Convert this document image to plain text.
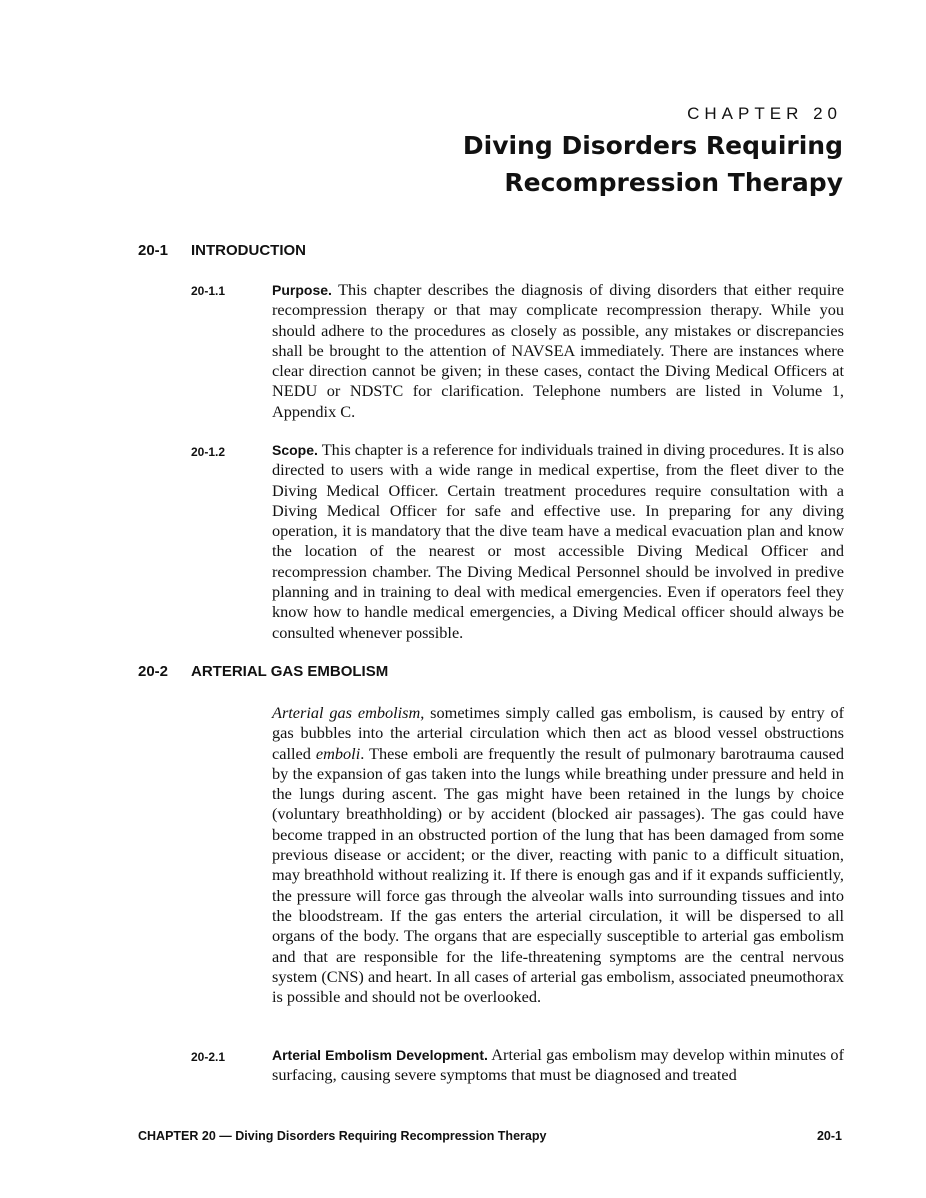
CHAPTER 20
Diving Disorders Requiring
Recompression Therapy
20-1 INTRODUCTION
20-1.1	Purpose. This chapter describes the diagnosis of diving disorders that either require recompression therapy or that may complicate recompression therapy. While you should adhere to the procedures as closely as possible, any mistakes or discrepancies shall be brought to the attention of NAVSEA immediately. There are instances where clear direction cannot be given; in these cases, contact the Diving Medical Officers at NEDU or NDSTC for clarification. Telephone numbers are listed in Volume 1, Appendix C.
20-1.2	Scope. This chapter is a reference for individuals trained in diving procedures. It is also directed to users with a wide range in medical expertise, from the fleet diver to the Diving Medical Officer. Certain treatment procedures require consultation with a Diving Medical Officer for safe and effective use. In preparing for any diving operation, it is mandatory that the dive team have a medical evacuation plan and know the location of the nearest or most accessible Diving Medical Officer and recompression chamber. The Diving Medical Personnel should be involved in predive planning and in training to deal with medical emergencies. Even if operators feel they know how to handle medical emergencies, a Diving Medical officer should always be consulted whenever possible.
20-2 ARTERIAL GAS EMBOLISM
Arterial gas embolism, sometimes simply called gas embolism, is caused by entry of gas bubbles into the arterial circulation which then act as blood vessel obstructions called emboli. These emboli are frequently the result of pulmonary barotrauma caused by the expansion of gas taken into the lungs while breathing under pressure and held in the lungs during ascent. The gas might have been retained in the lungs by choice (voluntary breathholding) or by accident (blocked air passages). The gas could have become trapped in an obstructed portion of the lung that has been damaged from some previous disease or accident; or the diver, reacting with panic to a difficult situation, may breathhold without realizing it. If there is enough gas and if it expands sufficiently, the pressure will force gas through the alveolar walls into surrounding tissues and into the bloodstream. If the gas enters the arterial circulation, it will be dispersed to all organs of the body. The organs that are especially susceptible to arterial gas embolism and that are responsible for the life-threatening symptoms are the central nervous system (CNS) and heart. In all cases of arterial gas embolism, associated pneumothorax is possible and should not be overlooked.
20-2.1	Arterial Embolism Development. Arterial gas embolism may develop within minutes of surfacing, causing severe symptoms that must be diagnosed and treated
CHAPTER 20 — Diving Disorders Requiring Recompression Therapy	20-1
